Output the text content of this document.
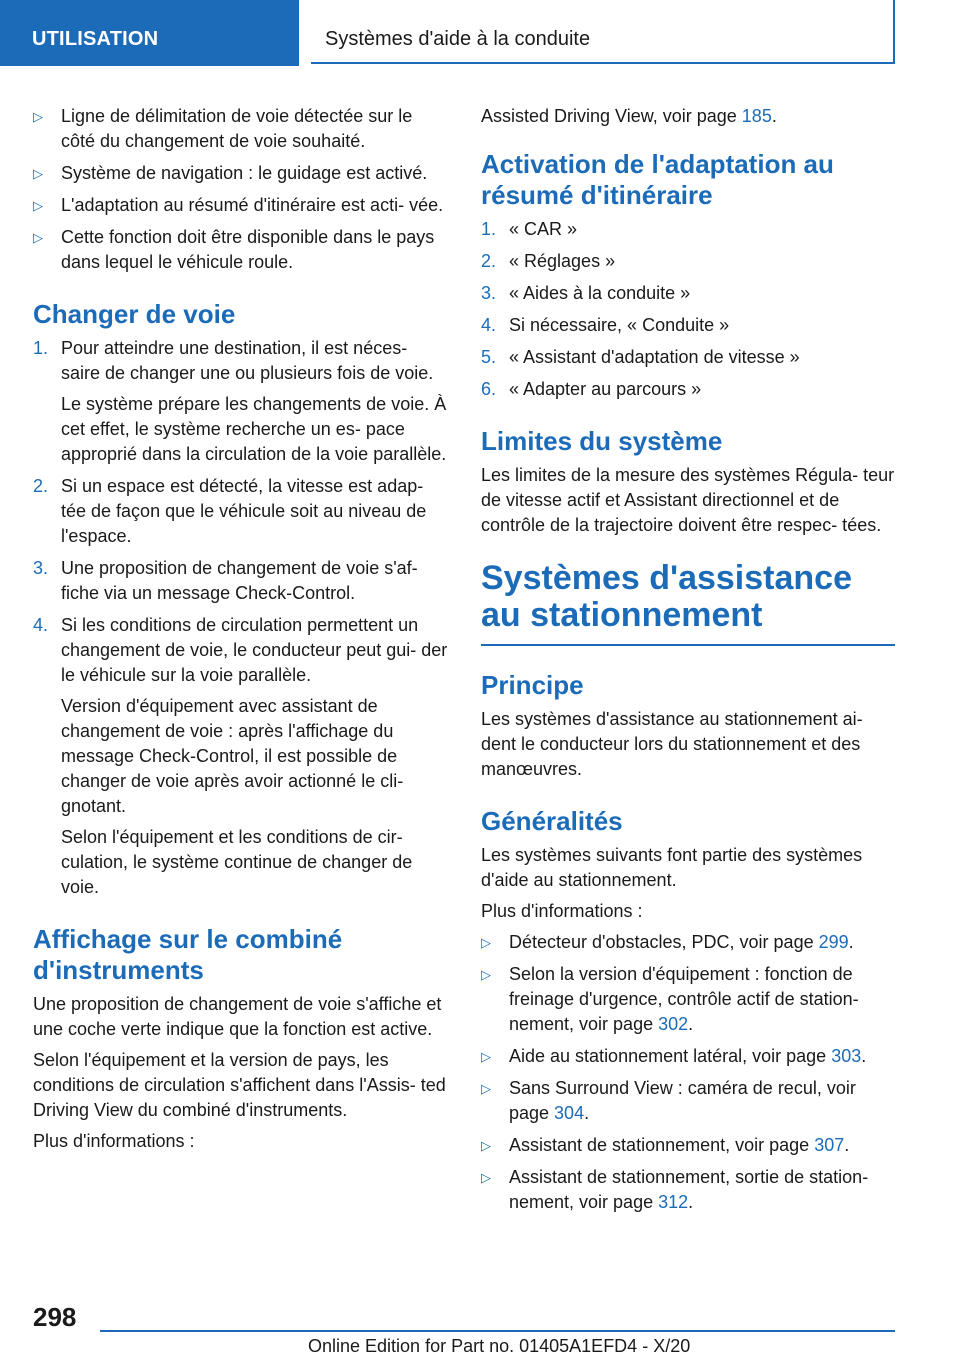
UTILISATION	Systèmes d'aide à la conduite
▷ Ligne de délimitation de voie détectée sur le côté du changement de voie souhaité.
▷ Système de navigation : le guidage est activé.
▷ L'adaptation au résumé d'itinéraire est acti‐ vée.
▷ Cette fonction doit être disponible dans le pays dans lequel le véhicule roule.
Changer de voie
1. Pour atteindre une destination, il est néces‐ saire de changer une ou plusieurs fois de voie.
Le système prépare les changements de voie. À cet effet, le système recherche un es‐ pace approprié dans la circulation de la voie parallèle.
2. Si un espace est détecté, la vitesse est adap‐ tée de façon que le véhicule soit au niveau de l'espace.
3. Une proposition de changement de voie s'af‐ fiche via un message Check-Control.
4. Si les conditions de circulation permettent un changement de voie, le conducteur peut gui‐ der le véhicule sur la voie parallèle.
Version d'équipement avec assistant de changement de voie : après l'affichage du message Check-Control, il est possible de changer de voie après avoir actionné le cli‐ gnotant.
Selon l'équipement et les conditions de cir‐ culation, le système continue de changer de voie.
Affichage sur le combiné d'instruments

Une proposition de changement de voie s'affiche et une coche verte indique que la fonction est active.

Selon l'équipement et la version de pays, les conditions de circulation s'affichent dans l'Assis‐ ted Driving View du combiné d'instruments.

Plus d'informations :

Assisted Driving View, voir page 185.

Activation de l'adaptation au résumé d'itinéraire
1. « CAR »
2. « Réglages »
3. « Aides à la conduite »
4. Si nécessaire, « Conduite »
5. « Assistant d'adaptation de vitesse »
6. « Adapter au parcours »
Limites du système

Les limites de la mesure des systèmes Régula‐ teur de vitesse actif et Assistant directionnel et de contrôle de la trajectoire doivent être respec‐ tées.

Systèmes d'assistance au stationnement
Principe

Les systèmes d'assistance au stationnement ai‐ dent le conducteur lors du stationnement et des manœuvres.

Généralités

Les systèmes suivants font partie des systèmes d'aide au stationnement.

Plus d'informations :

▷ Détecteur d'obstacles, PDC, voir page 299.
▷ Selon la version d'équipement : fonction de freinage d'urgence, contrôle actif de station‐ nement, voir page 302.
▷ Aide au stationnement latéral, voir page 303.
▷ Sans Surround View : caméra de recul, voir page 304.
▷ Assistant de stationnement, voir page 307.
▷ Assistant de stationnement, sortie de station‐ nement, voir page 312.
298
Online Edition for Part no. 01405A1EFD4 - X/20
